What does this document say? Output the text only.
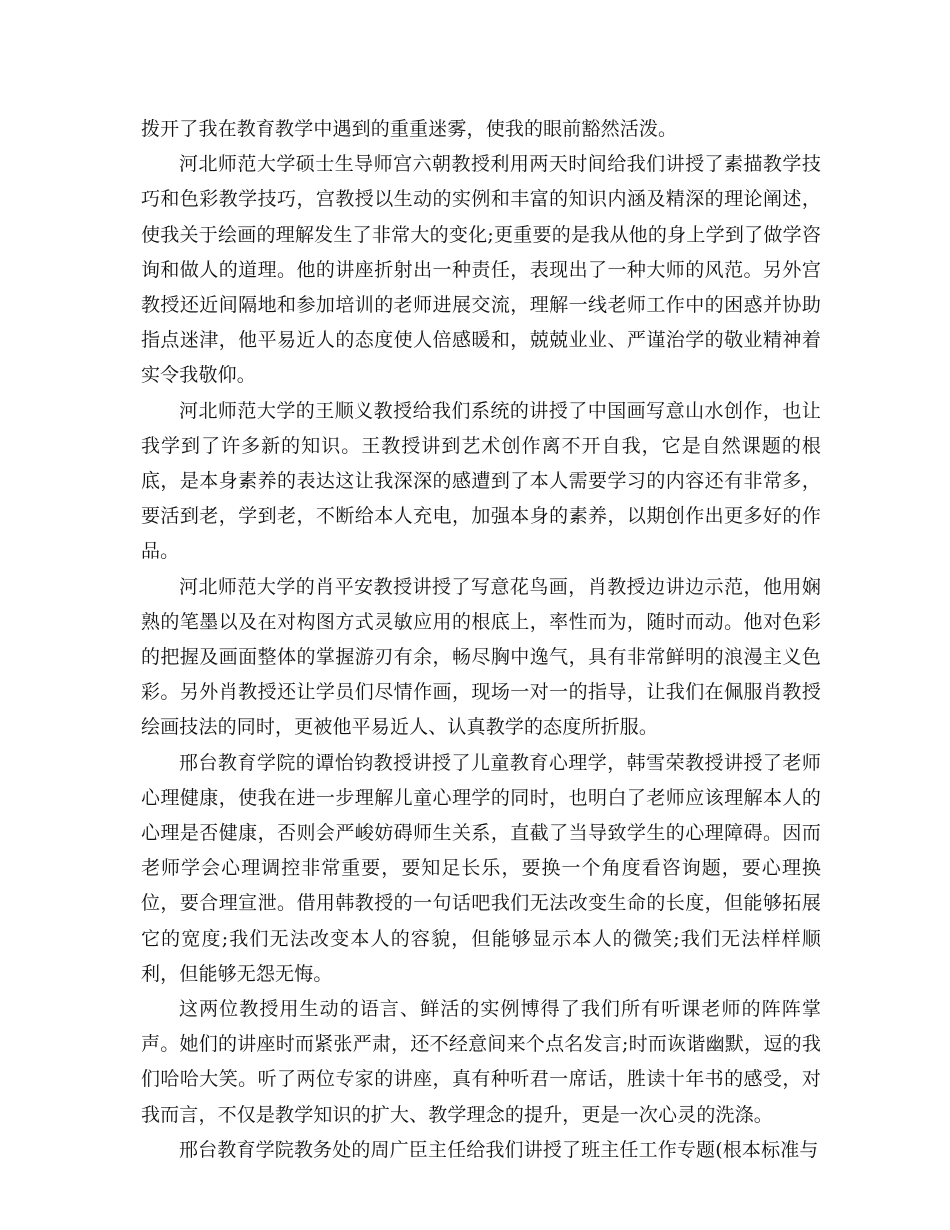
拨开了我在教育教学中遇到的重重迷雾，使我的眼前豁然活泼。

河北师范大学硕士生导师宫六朝教授利用两天时间给我们讲授了素描教学技巧和色彩教学技巧，宫教授以生动的实例和丰富的知识内涵及精深的理论阐述，使我关于绘画的理解发生了非常大的变化;更重要的是我从他的身上学到了做学咨询和做人的道理。他的讲座折射出一种责任，表现出了一种大师的风范。另外宫教授还近间隔地和参加培训的老师进展交流，理解一线老师工作中的困惑并协助指点迷津，他平易近人的态度使人倍感暖和，兢兢业业、严谨治学的敬业精神着实令我敬仰。

河北师范大学的王顺义教授给我们系统的讲授了中国画写意山水创作，也让我学到了许多新的知识。王教授讲到艺术创作离不开自我，它是自然课题的根底，是本身素养的表达这让我深深的感遭到了本人需要学习的内容还有非常多，要活到老，学到老，不断给本人充电，加强本身的素养，以期创作出更多好的作品。

河北师范大学的肖平安教授讲授了写意花鸟画，肖教授边讲边示范，他用娴熟的笔墨以及在对构图方式灵敏应用的根底上，率性而为，随时而动。他对色彩的把握及画面整体的掌握游刃有余，畅尽胸中逸气，具有非常鲜明的浪漫主义色彩。另外肖教授还让学员们尽情作画，现场一对一的指导，让我们在佩服肖教授绘画技法的同时，更被他平易近人、认真教学的态度所折服。

邢台教育学院的谭怡钧教授讲授了儿童教育心理学，韩雪荣教授讲授了老师心理健康，使我在进一步理解儿童心理学的同时，也明白了老师应该理解本人的心理是否健康，否则会严峻妨碍师生关系，直截了当导致学生的心理障碍。因而老师学会心理调控非常重要，要知足长乐，要换一个角度看咨询题，要心理换位，要合理宣泄。借用韩教授的一句话吧我们无法改变生命的长度，但能够拓展它的宽度;我们无法改变本人的容貌，但能够显示本人的微笑;我们无法样样顺利，但能够无怨无悔。

这两位教授用生动的语言、鲜活的实例博得了我们所有听课老师的阵阵掌声。她们的讲座时而紧张严肃，还不经意间来个点名发言;时而诙谐幽默，逗的我们哈哈大笑。听了两位专家的讲座，真有种听君一席话，胜读十年书的感受，对我而言，不仅是教学知识的扩大、教学理念的提升，更是一次心灵的洗涤。

邢台教育学院教务处的周广臣主任给我们讲授了班主任工作专题(根本标准与
